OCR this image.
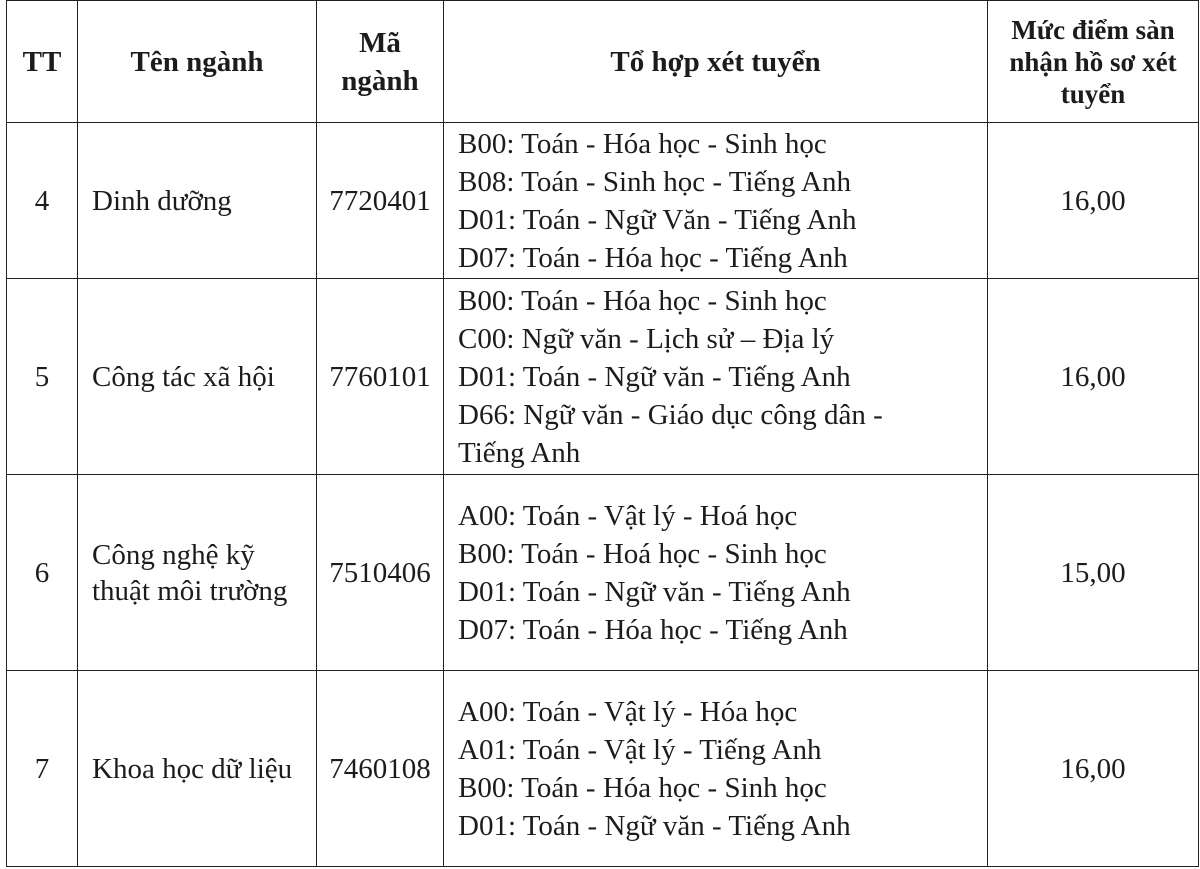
TT	Tên ngành	Mã ngành	Tổ hợp xét tuyển	Mức điểm sàn nhận hồ sơ xét tuyển
4	Dinh dưỡng	7720401	B00: Toán - Hóa học - Sinh học
B08: Toán - Sinh học - Tiếng Anh
D01: Toán - Ngữ Văn - Tiếng Anh
D07: Toán - Hóa học - Tiếng Anh	16,00
5	Công tác xã hội	7760101	B00: Toán - Hóa học - Sinh học
C00: Ngữ văn - Lịch sử – Địa lý
D01: Toán - Ngữ văn - Tiếng Anh
D66: Ngữ văn - Giáo dục công dân -
Tiếng Anh	16,00
6	Công nghệ kỹ thuật môi trường	7510406	A00: Toán - Vật lý - Hoá học
B00: Toán - Hoá học - Sinh học
D01: Toán - Ngữ văn - Tiếng Anh
D07: Toán - Hóa học - Tiếng Anh	15,00
7	Khoa học dữ liệu	7460108	A00: Toán - Vật lý - Hóa học
A01: Toán - Vật lý - Tiếng Anh
B00: Toán - Hóa học - Sinh học
D01: Toán - Ngữ văn - Tiếng Anh	16,00
